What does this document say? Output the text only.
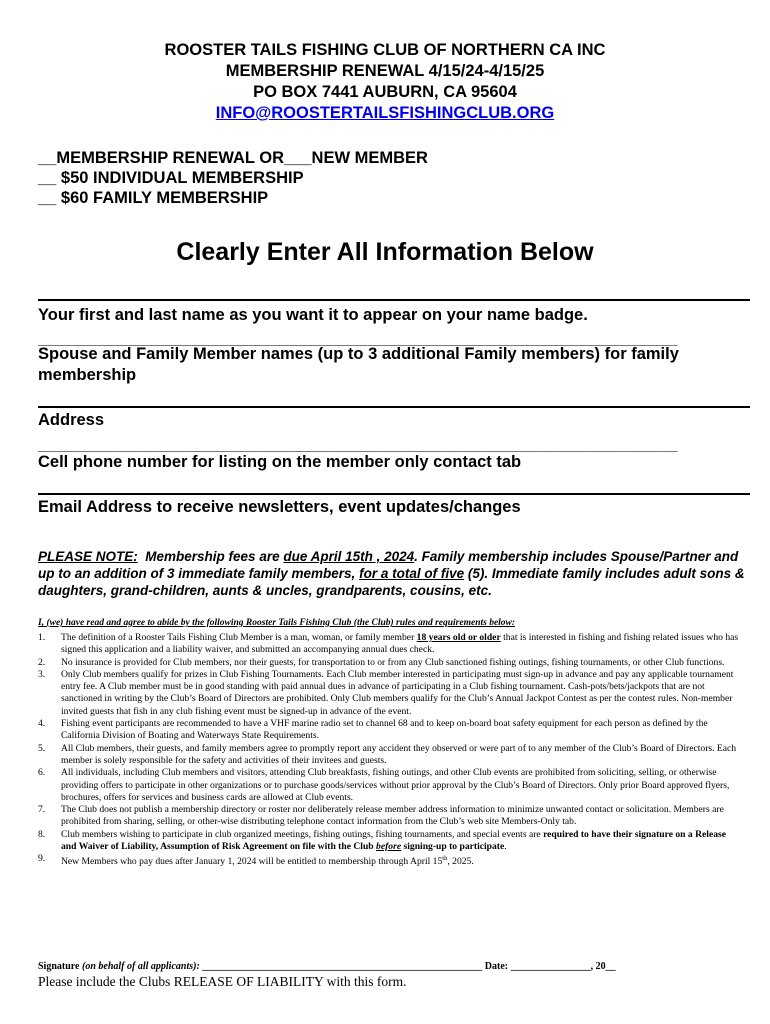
ROOSTER TAILS FISHING CLUB OF NORTHERN CA INC
MEMBERSHIP RENEWAL 4/15/24-4/15/25
PO BOX 7441 AUBURN, CA 95604
INFO@ROOSTERTAILSFISHINGCLUB.ORG
__MEMBERSHIP RENEWAL OR___NEW MEMBER
__ $50 INDIVIDUAL MEMBERSHIP
__ $60 FAMILY MEMBERSHIP
Clearly Enter All Information Below
Your first and last name as you want it to appear on your name badge.
________________________________________________________________________
Spouse and Family Member names (up to 3 additional Family members) for family membership
Address
________________________________________________________________________
Cell phone number for listing on the member only contact tab
Email Address to receive newsletters, event updates/changes
PLEASE NOTE: Membership fees are due April 15th , 2024. Family membership includes Spouse/Partner and up to an addition of 3 immediate family members, for a total of five (5). Immediate family includes adult sons & daughters, grand-children, aunts & uncles, grandparents, cousins, etc.
I, (we) have read and agree to abide by the following Rooster Tails Fishing Club (the Club) rules and requirements below:

1. The definition of a Rooster Tails Fishing Club Member is a man, woman, or family member 18 years old or older that is interested in fishing and fishing related issues who has signed this application and a liability waiver, and submitted an accompanying annual dues check.

2. No insurance is provided for Club members, nor their guests, for transportation to or from any Club sanctioned fishing outings, fishing tournaments, or other Club functions.

3. Only Club members qualify for prizes in Club Fishing Tournaments. Each Club member interested in participating must sign-up in advance and pay any applicable tournament entry fee. A Club member must be in good standing with paid annual dues in advance of participating in a Club fishing tournament. Cash-pots/bets/jackpots that are not sanctioned in writing by the Club’s Board of Directors are prohibited. Only Club members qualify for the Club’s Annual Jackpot Contest as per the contest rules. Non-member invited guests that fish in any club fishing event must be signed-up in advance of the event.

4. Fishing event participants are recommended to have a VHF marine radio set to channel 68 and to keep on-board boat safety equipment for each person as defined by the California Division of Boating and Waterways State Requirements.

5. All Club members, their guests, and family members agree to promptly report any accident they observed or were part of to any member of the Club’s Board of Directors. Each member is solely responsible for the safety and activities of their invitees and guests.

6. All individuals, including Club members and visitors, attending Club breakfasts, fishing outings, and other Club events are prohibited from soliciting, selling, or otherwise providing offers to participate in other organizations or to purchase goods/services without prior approval by the Club’s Board of Directors. Only prior Board approved flyers, brochures, offers for services and business cards are allowed at Club events.

7. The Club does not publish a membership directory or roster nor deliberately release member address information to minimize unwanted contact or solicitation. Members are prohibited from sharing, selling, or other-wise distributing telephone contact information from the Club’s web site Members-Only tab.

8. Club members wishing to participate in club organized meetings, fishing outings, fishing tournaments, and special events are required to have their signature on a Release and Waiver of Liability, Assumption of Risk Agreement on file with the Club before signing-up to participate.

9. New Members who pay dues after January 1, 2024 will be entitled to membership through April 15th, 2025.

Signature (on behalf of all applicants): ________________________________________________________ Date: ________________, 20__
Please include the Clubs RELEASE OF LIABILITY with this form.
